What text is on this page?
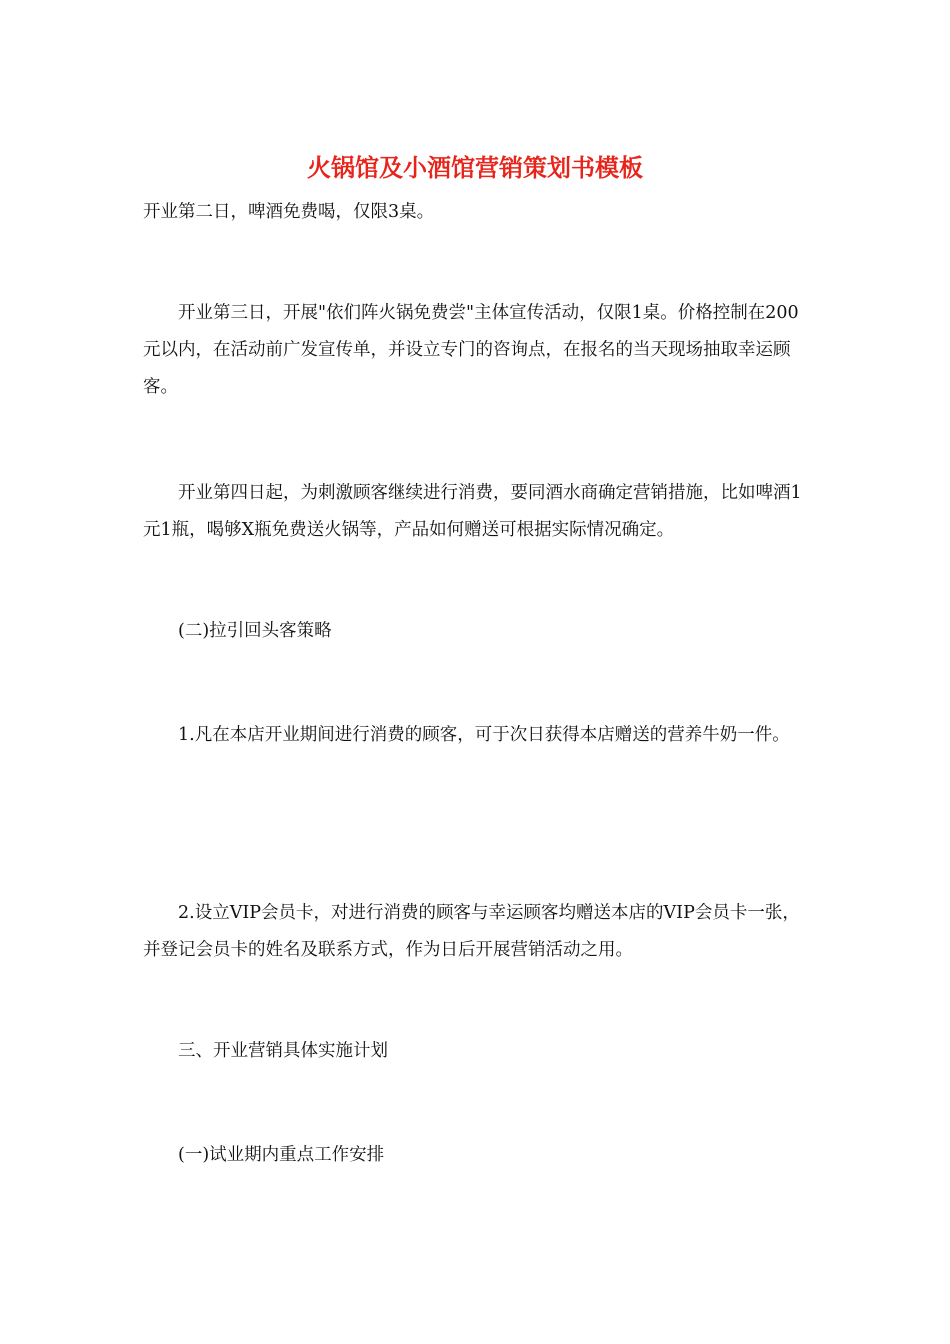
火锅馆及小酒馆营销策划书模板

开业第二日，啤酒免费喝，仅限3桌。

开业第三日，开展"依们阵火锅免费尝"主体宣传活动，仅限1桌。价格控制在200元以内，在活动前广发宣传单，并设立专门的咨询点，在报名的当天现场抽取幸运顾客。

开业第四日起，为刺激顾客继续进行消费，要同酒水商确定营销措施，比如啤酒1元1瓶，喝够X瓶免费送火锅等，产品如何赠送可根据实际情况确定。

(二)拉引回头客策略

1.凡在本店开业期间进行消费的顾客，可于次日获得本店赠送的营养牛奶一件。

2.设立VIP会员卡，对进行消费的顾客与幸运顾客均赠送本店的VIP会员卡一张，并登记会员卡的姓名及联系方式，作为日后开展营销活动之用。

三、开业营销具体实施计划

(一)试业期内重点工作安排
